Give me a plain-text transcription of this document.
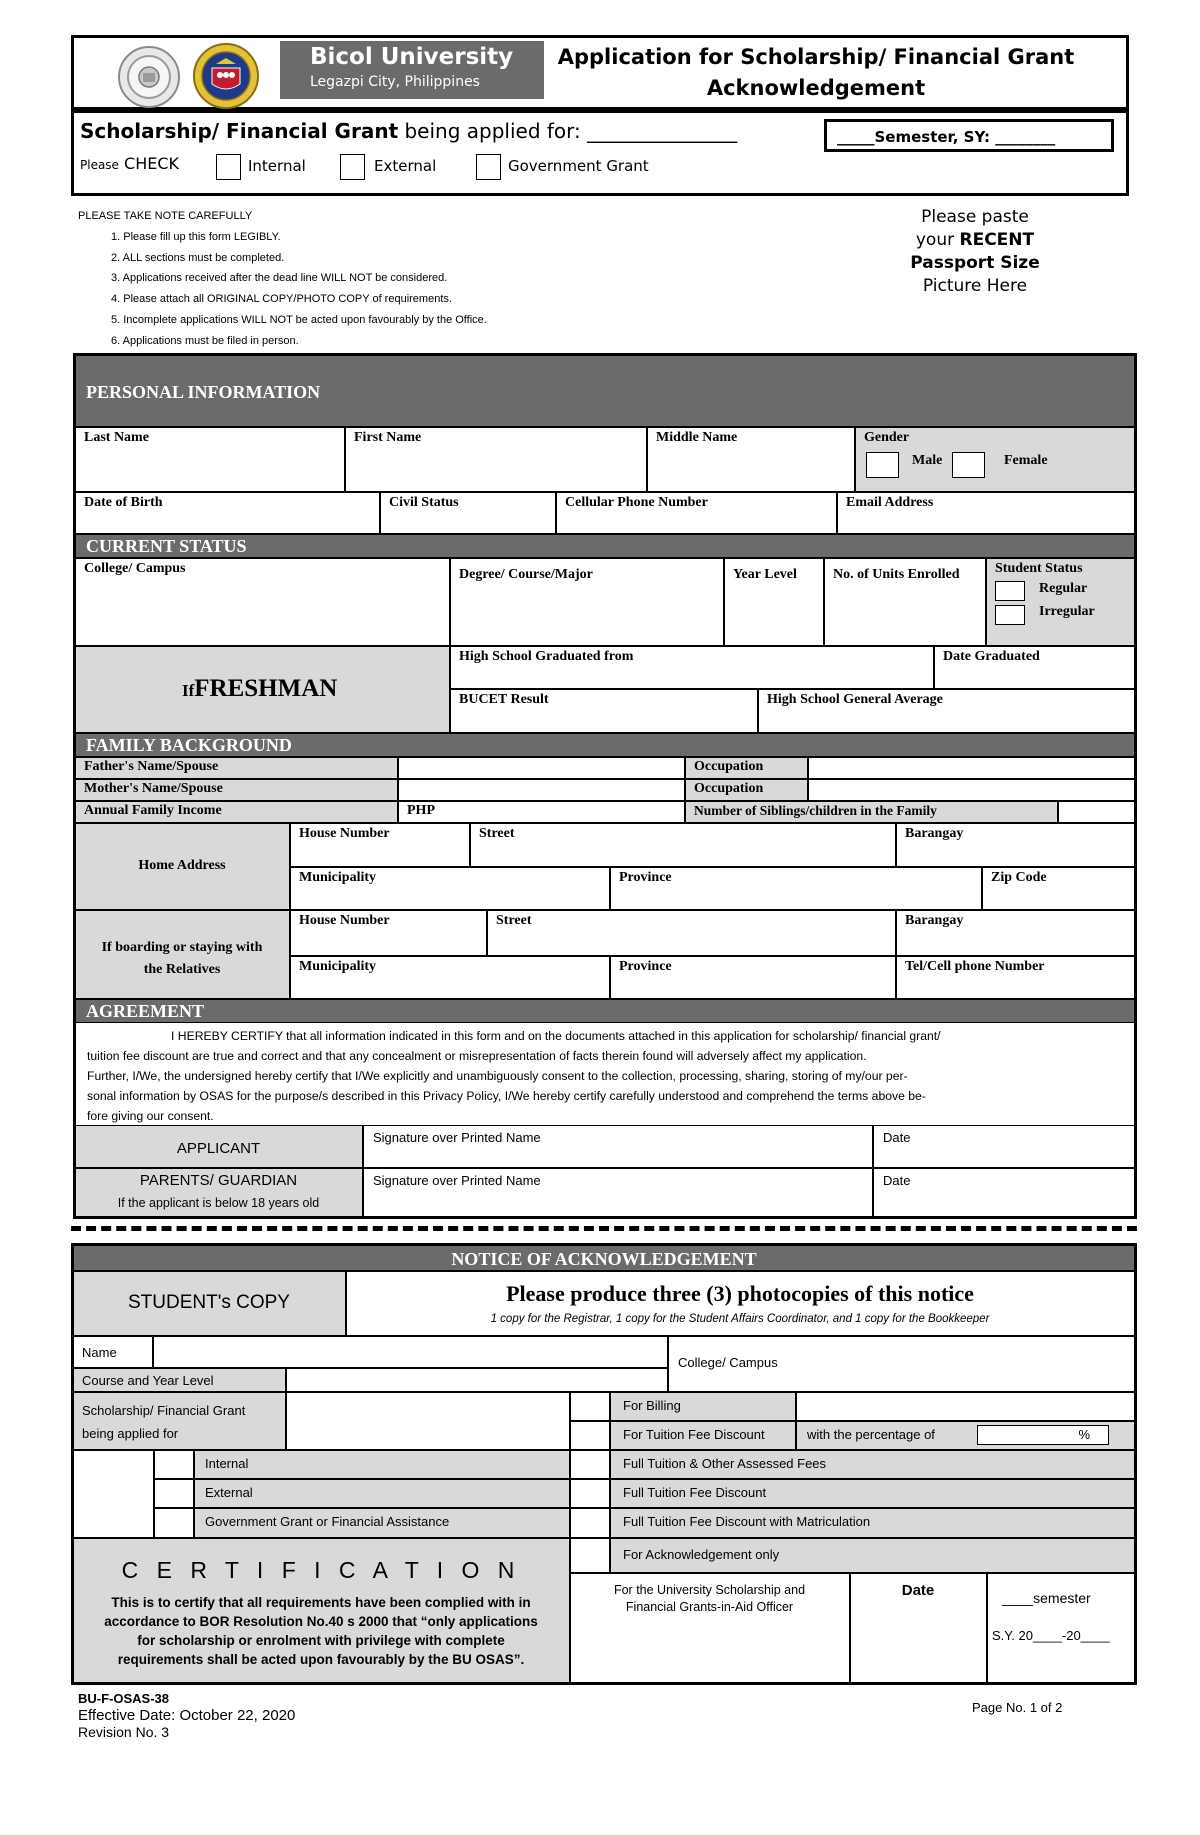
Bicol University
Legazpi City, Philippines
Application for Scholarship/ Financial Grant
Acknowledgement
Scholarship/ Financial Grant being applied for: _______________	_____Semester, SY: ________
Please CHECK	Internal	External	Government Grant
PLEASE TAKE NOTE CAREFULLY
1. Please fill up this form LEGIBLY.
2. ALL sections must be completed.
3. Applications received after the dead line WILL NOT be considered.
4. Please attach all ORIGINAL COPY/PHOTO COPY of requirements.
5. Incomplete applications WILL NOT be acted upon favourably by the Office.
6. Applications must be filed in person.
Please paste
your RECENT
Passport Size
Picture Here
PERSONAL INFORMATION
Last Name	First Name	Middle Name	Gender
Male	Female
Date of Birth	Civil Status	Cellular Phone Number	Email Address
CURRENT STATUS
College/ Campus	Degree/ Course/Major	Year Level	No. of Units Enrolled	Student Status
Regular
Irregular
IfFRESHMAN
High School Graduated from	Date Graduated
BUCET Result	High School General Average
FAMILY BACKGROUND
Father's Name/Spouse	Occupation
Mother's Name/Spouse	Occupation
Annual Family Income	PHP	Number of Siblings/children in the Family
Home Address
House Number	Street	Barangay
Municipality	Province	Zip Code
If boarding or staying with
the Relatives
House Number	Street	Barangay
Municipality	Province	Tel/Cell phone Number
AGREEMENT
I HEREBY CERTIFY that all information indicated in this form and on the documents attached in this application for scholarship/ financial grant/
tuition fee discount are true and correct and that any concealment or misrepresentation of facts therein found will adversely affect my application.
Further, I/We, the undersigned hereby certify that I/We explicitly and unambiguously consent to the collection, processing, sharing, storing of my/our per-
sonal information by OSAS for the purpose/s described in this Privacy Policy, I/We hereby certify carefully understood and comprehend the terms above be-
fore giving our consent.
APPLICANT
Signature over Printed Name	Date
PARENTS/ GUARDIAN
If the applicant is below 18 years old
Signature over Printed Name	Date
NOTICE OF ACKNOWLEDGEMENT
STUDENT's COPY	Please produce three (3) photocopies of this notice
1 copy for the Registrar, 1 copy for the Student Affairs Coordinator, and 1 copy for the Bookkeeper
Name
College/ Campus
Course and Year Level
Scholarship/ Financial Grant
being applied for
Internal
External
Government Grant or Financial Assistance
For Billing
For Tuition Fee Discount	with the percentage of	%
Full Tuition & Other Assessed Fees
Full Tuition Fee Discount
Full Tuition Fee Discount with Matriculation
For Acknowledgement only
C E R T I F I C A T I O N
This is to certify that all requirements have been complied with in
accordance to BOR Resolution No.40 s 2000 that “only applications
for scholarship or enrolment with privilege with complete
requirements shall be acted upon favourably by the BU OSAS”.
For the University Scholarship and
Financial Grants-in-Aid Officer
Date	____semester
S.Y. 20____-20____
BU-F-OSAS-38
Effective Date: October 22, 2020
Revision No. 3
Page No. 1 of 2
